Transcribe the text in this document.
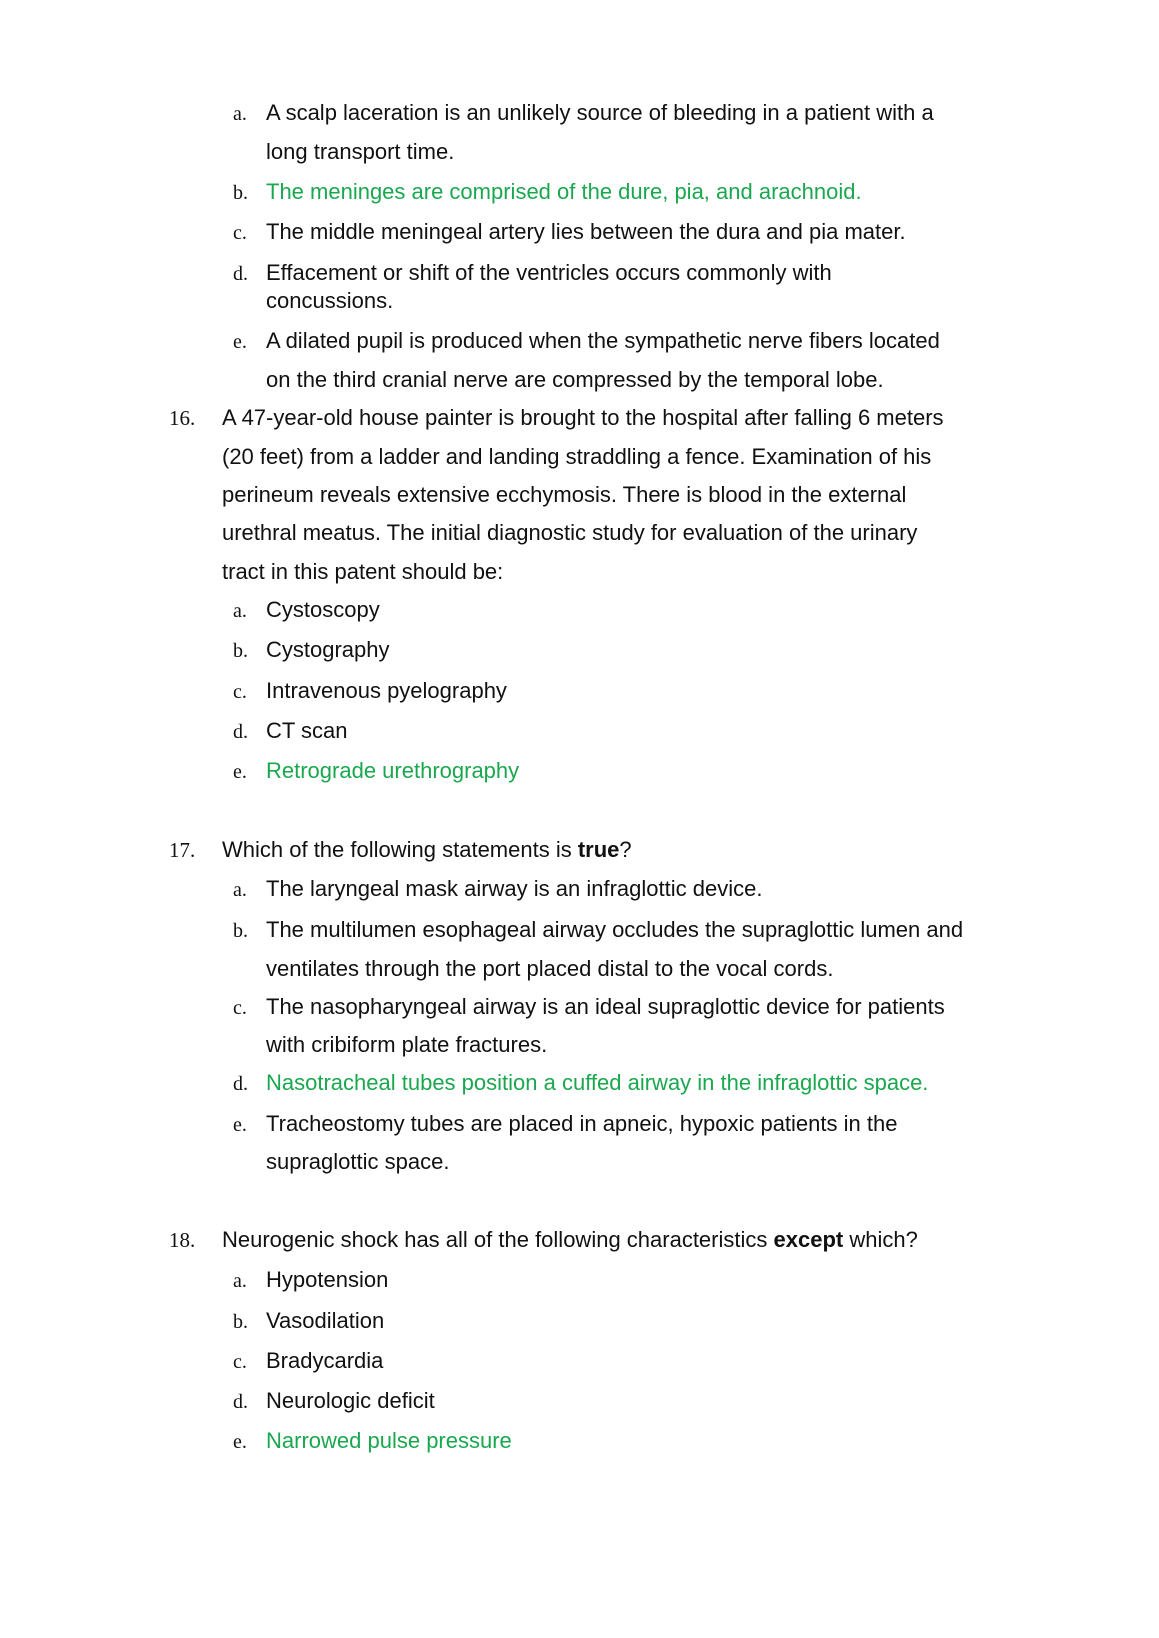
a. A scalp laceration is an unlikely source of bleeding in a patient with a
long transport time.
b. The meninges are comprised of the dure, pia, and arachnoid.
c. The middle meningeal artery lies between the dura and pia mater.
d. Effacement or shift of the ventricles occurs commonly with
concussions.
e. A dilated pupil is produced when the sympathetic nerve fibers located
on the third cranial nerve are compressed by the temporal lobe.
16. A 47-year-old house painter is brought to the hospital after falling 6 meters
(20 feet) from a ladder and landing straddling a fence. Examination of his
perineum reveals extensive ecchymosis. There is blood in the external
urethral meatus. The initial diagnostic study for evaluation of the urinary
tract in this patent should be:
a. Cystoscopy
b. Cystography
c. Intravenous pyelography
d. CT scan
e. Retrograde urethrography
17. Which of the following statements is true?
a. The laryngeal mask airway is an infraglottic device.
b. The multilumen esophageal airway occludes the supraglottic lumen and
ventilates through the port placed distal to the vocal cords.
c. The nasopharyngeal airway is an ideal supraglottic device for patients
with cribiform plate fractures.
d. Nasotracheal tubes position a cuffed airway in the infraglottic space.
e. Tracheostomy tubes are placed in apneic, hypoxic patients in the
supraglottic space.
18. Neurogenic shock has all of the following characteristics except which?
a. Hypotension
b. Vasodilation
c. Bradycardia
d. Neurologic deficit
e. Narrowed pulse pressure
